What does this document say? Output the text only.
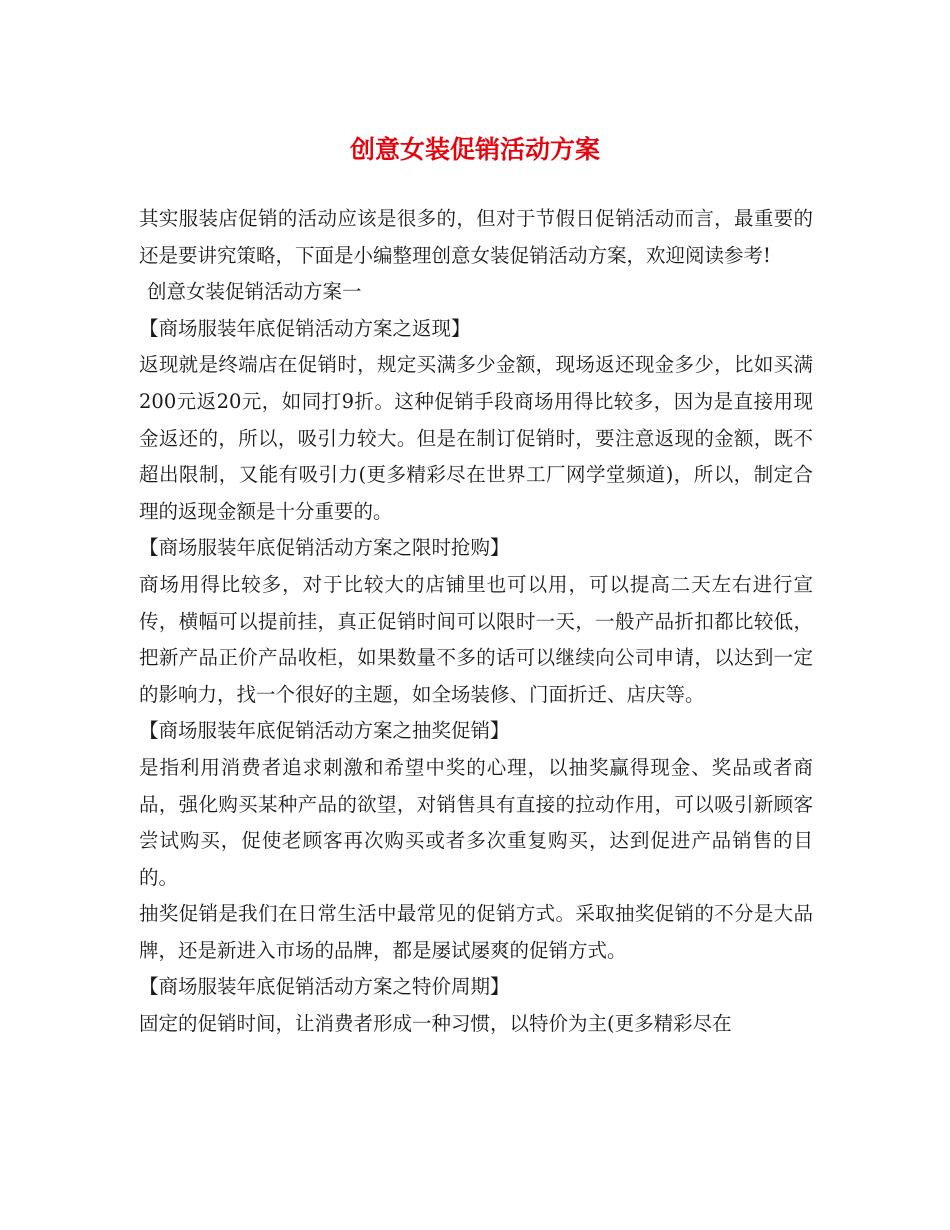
创意女装促销活动方案

其实服装店促销的活动应该是很多的，但对于节假日促销活动而言，最重要的还是要讲究策略，下面是小编整理创意女装促销活动方案，欢迎阅读参考!

创意女装促销活动方案一

【商场服装年底促销活动方案之返现】

返现就是终端店在促销时，规定买满多少金额，现场返还现金多少，比如买满200元返20元，如同打9折。这种促销手段商场用得比较多，因为是直接用现金返还的，所以，吸引力较大。但是在制订促销时，要注意返现的金额，既不超出限制，又能有吸引力(更多精彩尽在世界工厂网学堂频道)，所以，制定合理的返现金额是十分重要的。

【商场服装年底促销活动方案之限时抢购】

商场用得比较多，对于比较大的店铺里也可以用，可以提高二天左右进行宣传，横幅可以提前挂，真正促销时间可以限时一天，一般产品折扣都比较低，把新产品正价产品收柜，如果数量不多的话可以继续向公司申请，以达到一定的影响力，找一个很好的主题，如全场装修、门面折迁、店庆等。

【商场服装年底促销活动方案之抽奖促销】

是指利用消费者追求刺激和希望中奖的心理，以抽奖赢得现金、奖品或者商品，强化购买某种产品的欲望，对销售具有直接的拉动作用，可以吸引新顾客尝试购买，促使老顾客再次购买或者多次重复购买，达到促进产品销售的目的。

抽奖促销是我们在日常生活中最常见的促销方式。采取抽奖促销的不分是大品牌，还是新进入市场的品牌，都是屡试屡爽的促销方式。

【商场服装年底促销活动方案之特价周期】

固定的促销时间，让消费者形成一种习惯，以特价为主(更多精彩尽在
